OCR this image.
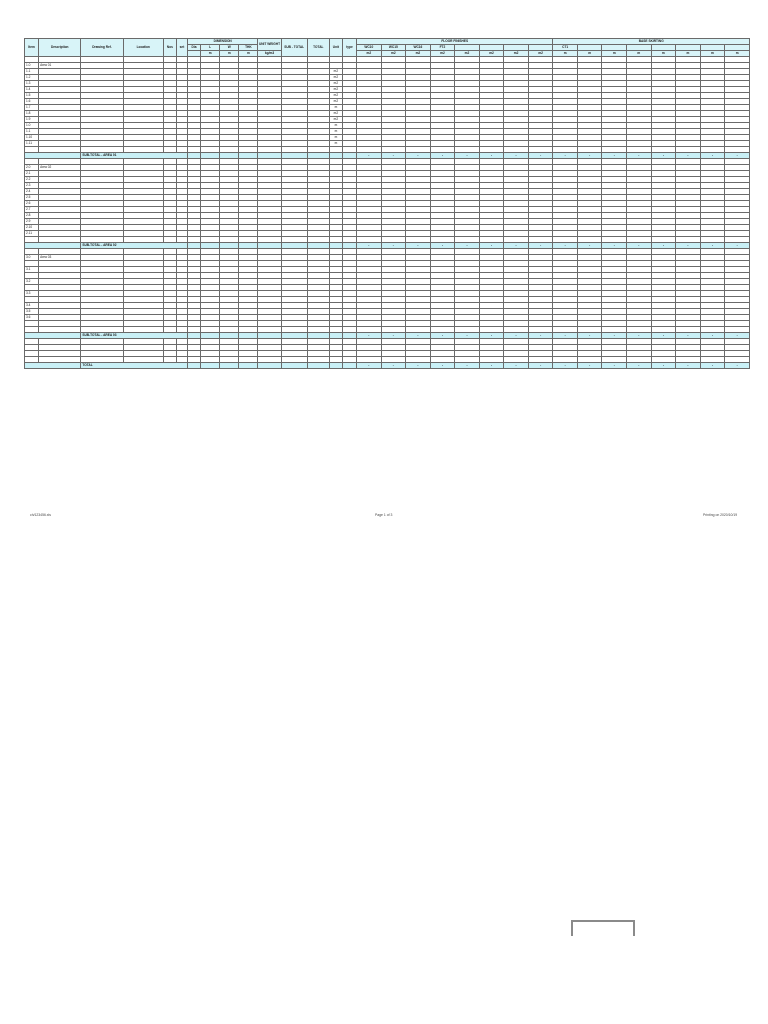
Item	Description	Drawing Ref.	Location	Nos	set	DIMENSION				UNIT WEIGHT	SUB - TOTAL	TOTAL	Unit	type	FLOOR FINISHES								BASE SKIRTING							
						Dia	L	W	THK						WC10	WC15	WC16	FT2					CT1							
							m	m	m	kg/m3					m2	m2	m2	m2	m2	m2	m2	m2	m	m	m	m	m	m	m	m

1.0	Area 01																													
1.1													m2																	
1.2													m2																	
1.3													m2																	
1.4													m2																	
1.5													m2																	
1.6													m2																	
1.7													m																	
1.8													m2																	
1.9													m2																	
1.0													m																	
1.1													m																	
1.10													m																	
1.11													m																	

		SUB-TOTAL - AREA 01													-	-	-	-	-	-	-	-	-	-	-	-	-	-	-	-

2.0	Area 02																													
2.1																														
2.2																														
2.3																														
2.4																														
2.5																														
2.6																														
2.7																														
2.8																														
2.9																														
2.10																														
2.11																														

		SUB-TOTAL - AREA 02													-	-	-	-	-	-	-	-	-	-	-	-	-	-	-	-

3.0	Area 03																													

3.1																														

3.2																														

3.3																														

3.4																														
3.5																														
3.6																														

		SUB-TOTAL - AREA 03													-	-	-	-	-	-	-	-	-	-	-	-	-	-	-	-

		TOTAL													-	-	-	-	-	-	-	-	-	-	-	-	-	-	-	-
ch/123456.xls	Page 1 of 3	Printing on 2020/10/19
